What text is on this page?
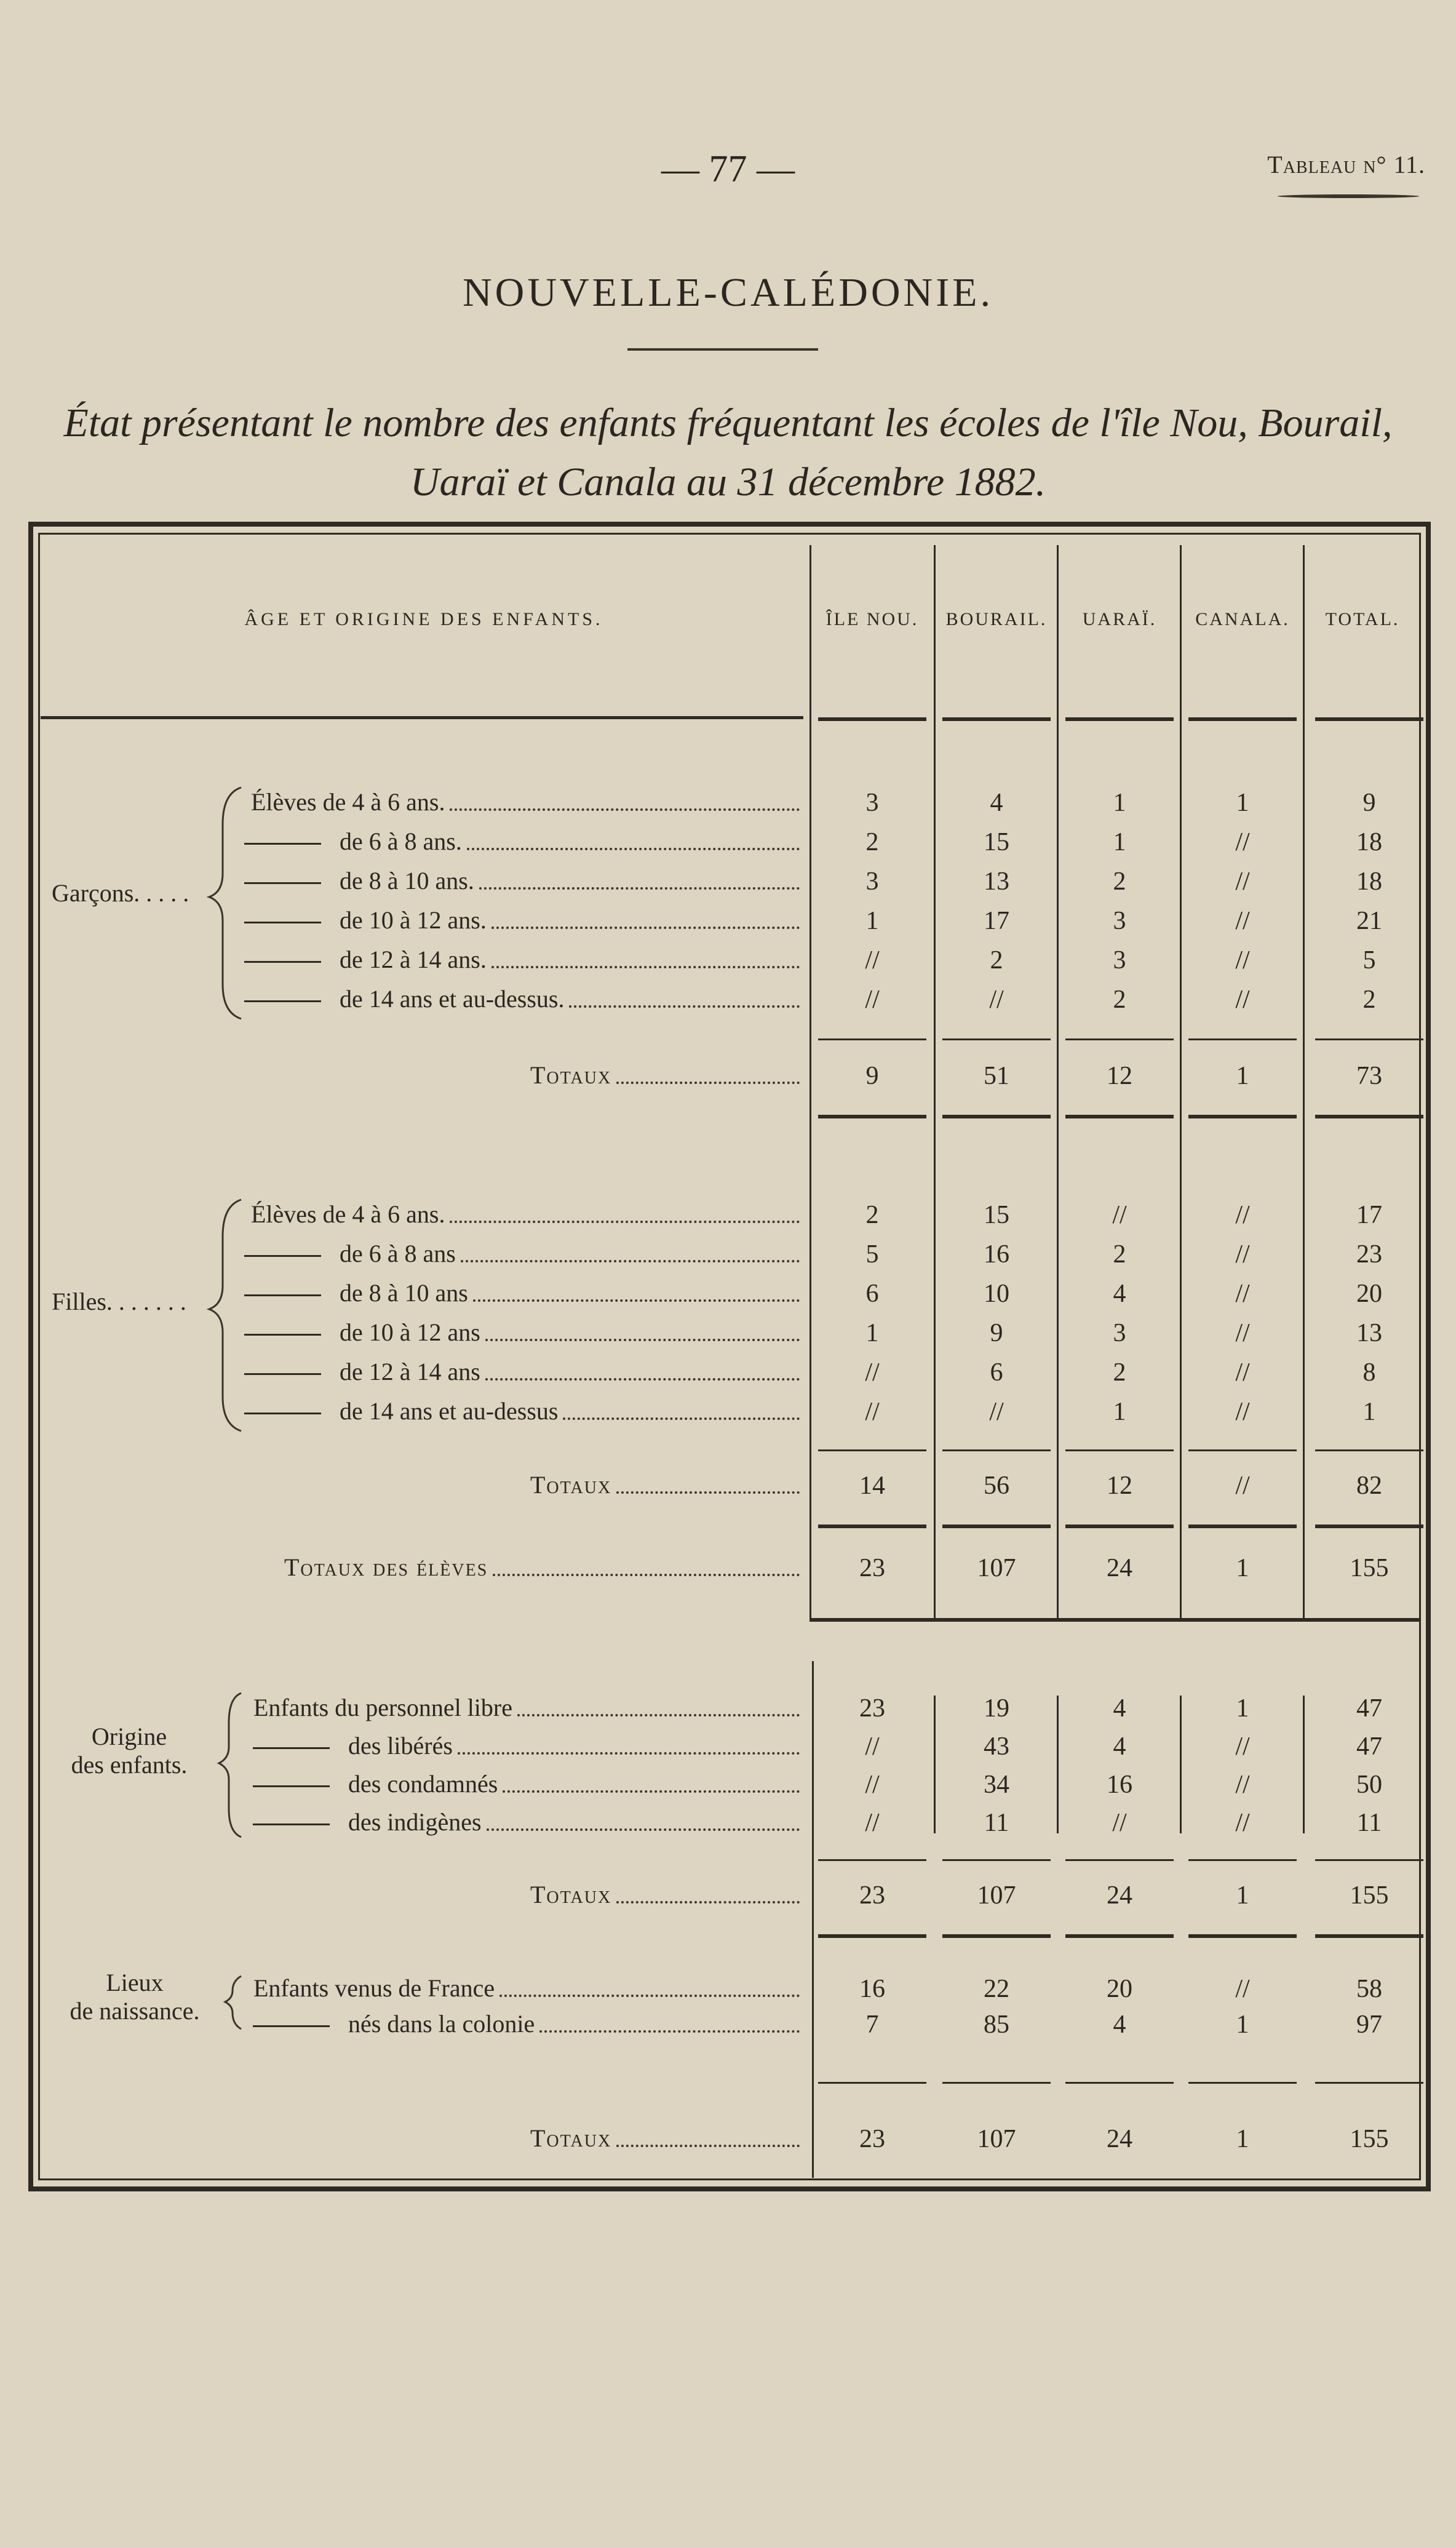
— 77 —	Tableau n° 11.
NOUVELLE-CALÉDONIE.
État présentant le nombre des enfants fréquentant les écoles de l'île Nou, Bourail,
Uaraï et Canala au 31 décembre 1882.
ÂGE ET ORIGINE DES ENFANTS.	ÎLE NOU.	BOURAIL.	UARAÏ.	CANALA.	TOTAL.
Garçons. . . . .
Filles. . . . . . .
Origine
des enfants.
Lieux
de naissance.
Élèves de 4 à 6 ans.	3	4	1	1	9
de 6 à 8 ans.	2	15	1	//	18
de 8 à 10 ans.	3	13	2	//	18
de 10 à 12 ans.	1	17	3	//	21
de 12 à 14 ans.	//	2	3	//	5
de 14 ans et au-dessus.	//	//	2	//	2
Totaux	9	51	12	1	73
Élèves de 4 à 6 ans.	2	15	//	//	17
de 6 à 8 ans	5	16	2	//	23
de 8 à 10 ans	6	10	4	//	20
de 10 à 12 ans	1	9	3	//	13
de 12 à 14 ans	//	6	2	//	8
de 14 ans et au-dessus	//	//	1	//	1
Totaux	14	56	12	//	82
Totaux des élèves	23	107	24	1	155
Enfants du personnel libre	23	19	4	1	47
des libérés	//	43	4	//	47
des condamnés	//	34	16	//	50
des indigènes	//	11	//	//	11
Totaux	23	107	24	1	155
Enfants venus de France	16	22	20	//	58
nés dans la colonie	7	85	4	1	97
Totaux	23	107	24	1	155
